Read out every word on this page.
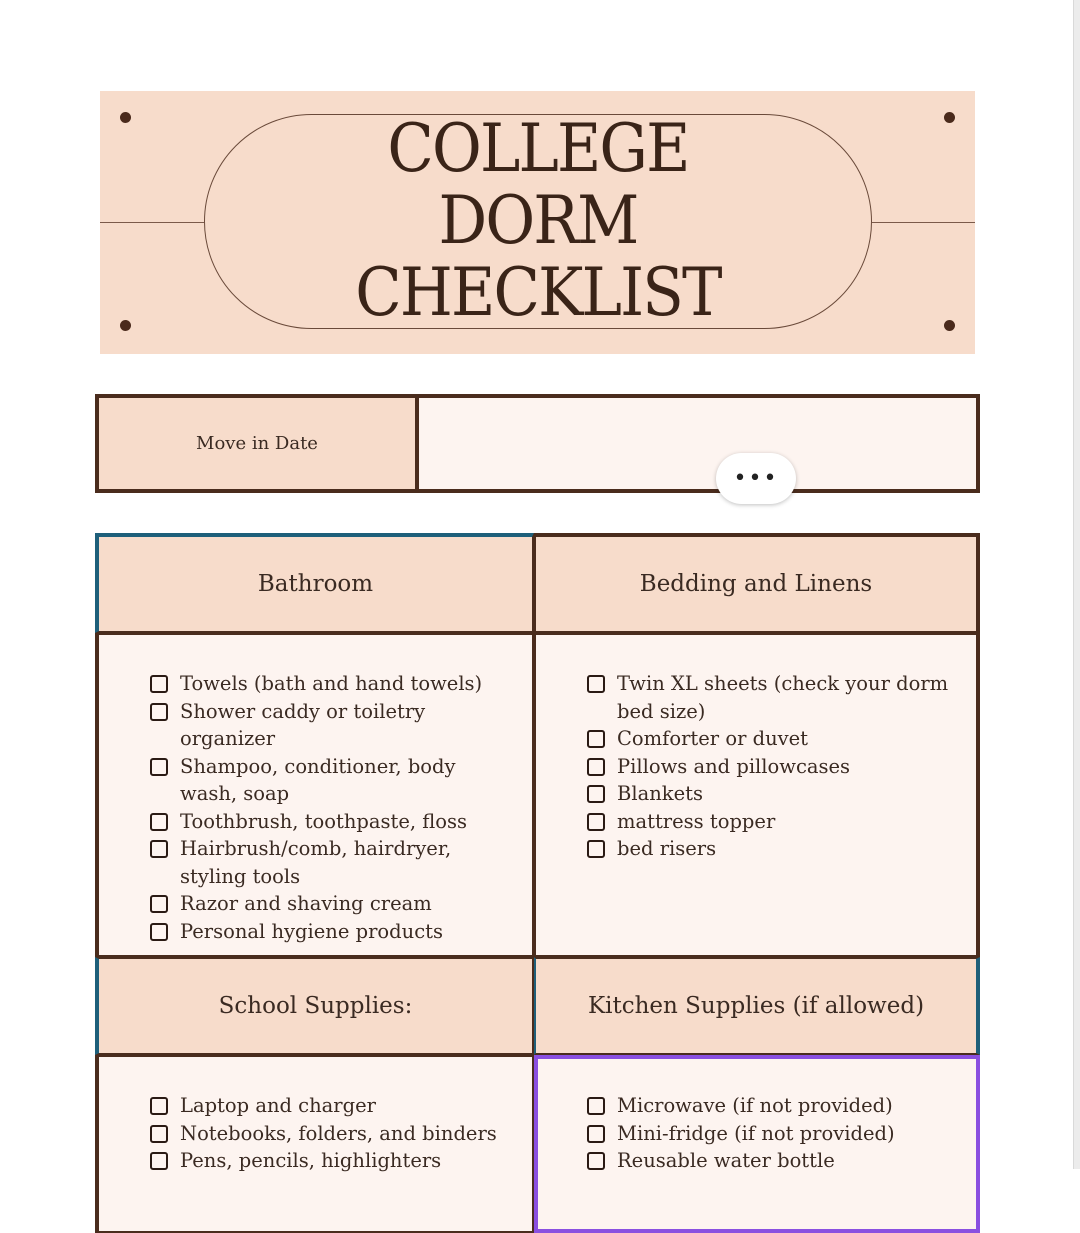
COLLEGE
DORM
CHECKLIST
Move in Date
•••
Bathroom	Bedding and Linens
Towels (bath and hand towels)
Shower caddy or toiletry organizer
Shampoo, conditioner, body wash, soap
Toothbrush, toothpaste, floss
Hairbrush/comb, hairdryer, styling tools
Razor and shaving cream
Personal hygiene products
Twin XL sheets (check your dorm bed size)
Comforter or duvet
Pillows and pillowcases
Blankets
mattress topper
bed risers
School Supplies:	Kitchen Supplies (if allowed)
Laptop and charger
Notebooks, folders, and binders
Pens, pencils, highlighters
Microwave (if not provided)
Mini-fridge (if not provided)
Reusable water bottle
